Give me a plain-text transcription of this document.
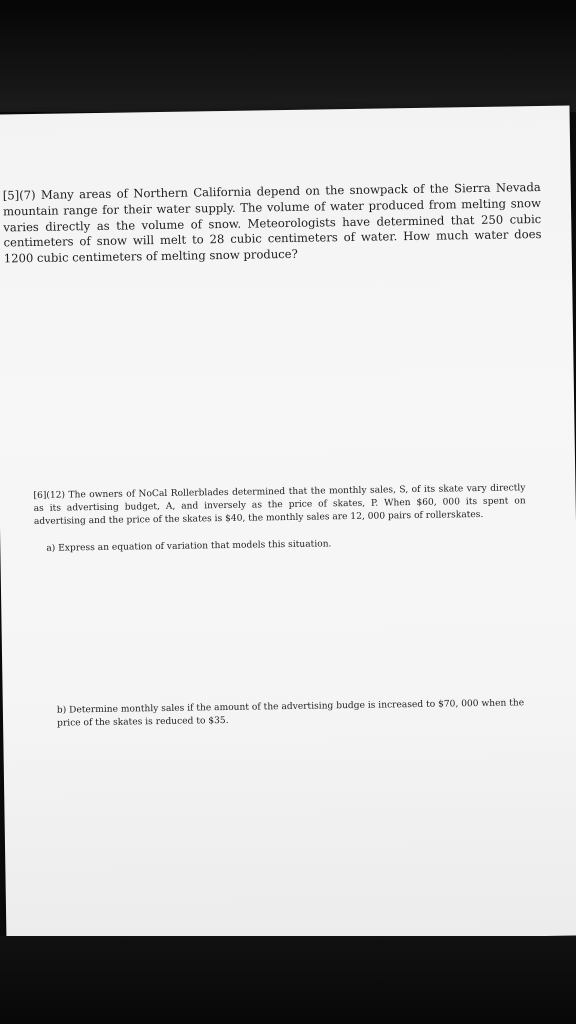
[5](7) Many areas of Northern California depend on the snowpack of the Sierra Nevada mountain range for their water supply. The volume of water produced from melting snow varies directly as the volume of snow. Meteorologists have determined that 250 cubic centimeters of snow will melt to 28 cubic centimeters of water. How much water does 1200 cubic centimeters of melting snow produce?

[6](12) The owners of NoCal Rollerblades determined that the monthly sales, S, of its skate vary directly as its advertising budget, A, and inversely as the price of skates, P. When $60, 000 its spent on advertising and the price of the skates is $40, the monthly sales are 12, 000 pairs of rollerskates.

a) Express an equation of variation that models this situation.

b) Determine monthly sales if the amount of the advertising budge is increased to $70, 000 when the price of the skates is reduced to $35.
